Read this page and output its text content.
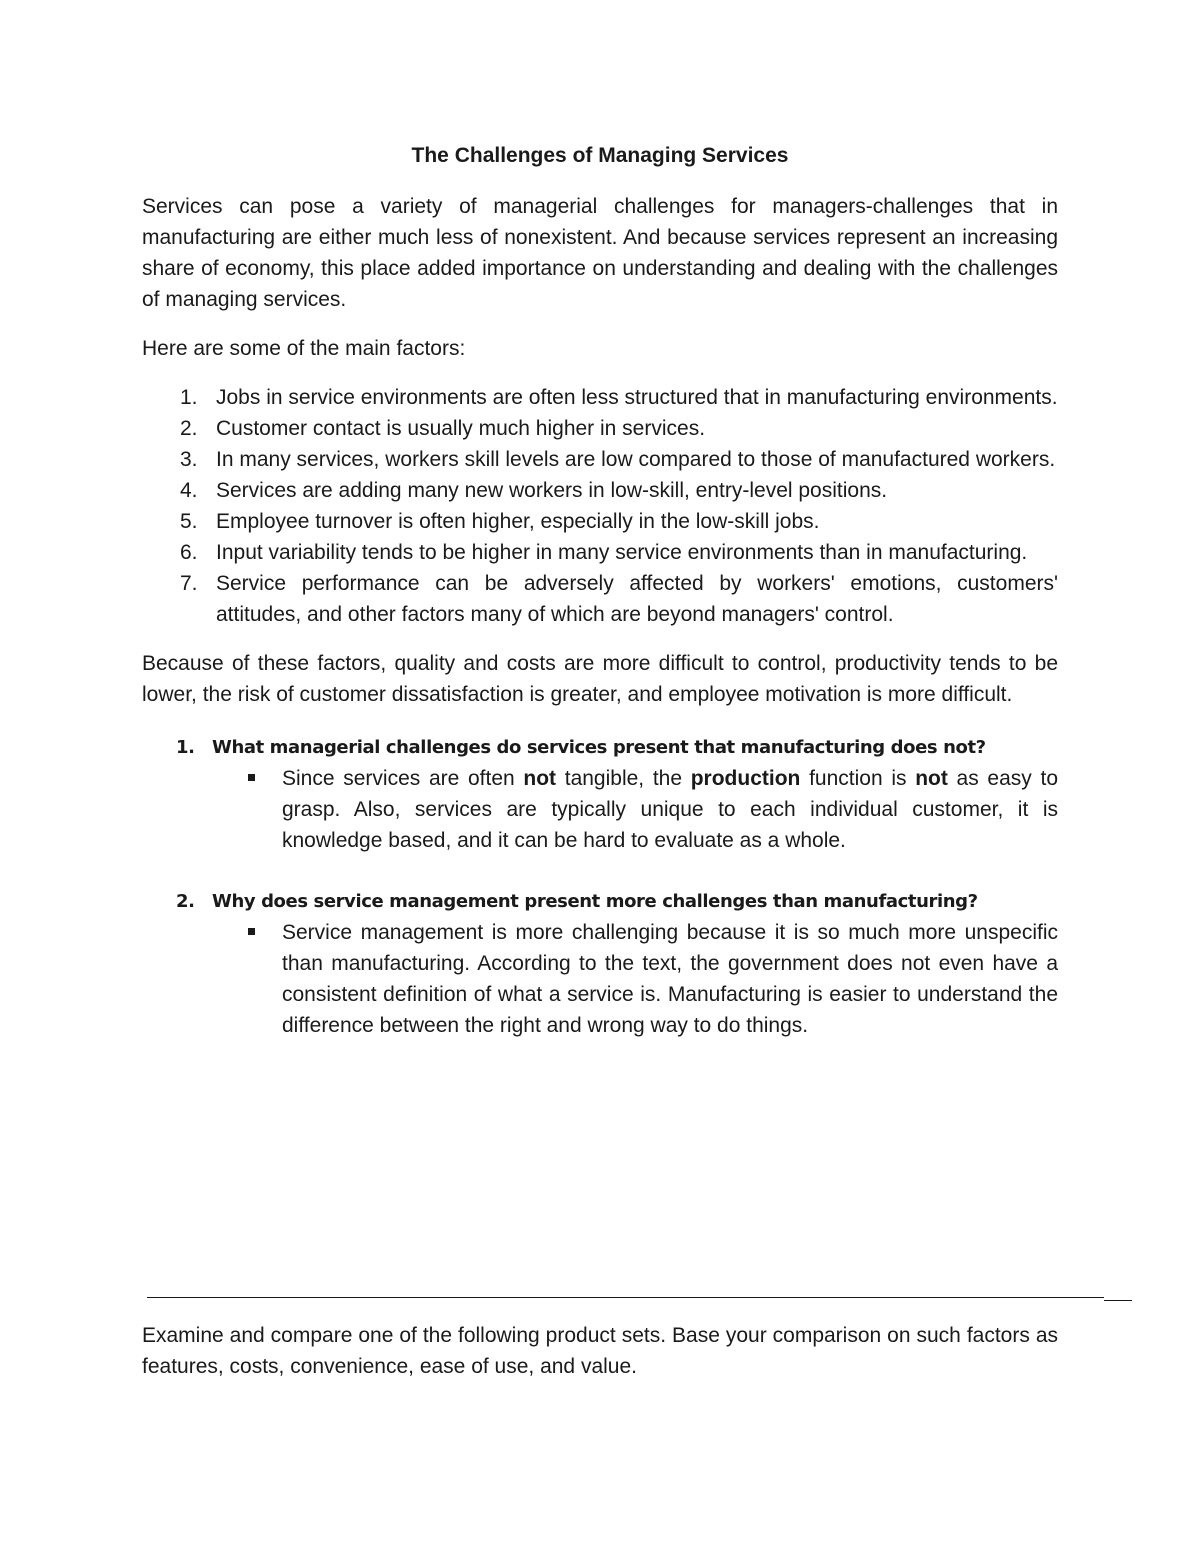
The Challenges of Managing Services

Services can pose a variety of managerial challenges for managers-challenges that in manufacturing are either much less of nonexistent. And because services represent an increasing share of economy, this place added importance on understanding and dealing with the challenges of managing services.

Here are some of the main factors:

1. Jobs in service environments are often less structured that in manufacturing environments.
2. Customer contact is usually much higher in services.
3. In many services, workers skill levels are low compared to those of manufactured workers.
4. Services are adding many new workers in low-skill, entry-level positions.
5. Employee turnover is often higher, especially in the low-skill jobs.
6. Input variability tends to be higher in many service environments than in manufacturing.
7. Service performance can be adversely affected by workers' emotions, customers' attitudes, and other factors many of which are beyond managers' control.

Because of these factors, quality and costs are more difficult to control, productivity tends to be lower, the risk of customer dissatisfaction is greater, and employee motivation is more difficult.

1. What managerial challenges do services present that manufacturing does not?
Since services are often not tangible, the production function is not as easy to grasp. Also, services are typically unique to each individual customer, it is knowledge based, and it can be hard to evaluate as a whole.
2. Why does service management present more challenges than manufacturing?
Service management is more challenging because it is so much more unspecific than manufacturing. According to the text, the government does not even have a consistent definition of what a service is. Manufacturing is easier to understand the difference between the right and wrong way to do things.

Examine and compare one of the following product sets. Base your comparison on such factors as features, costs, convenience, ease of use, and value.
